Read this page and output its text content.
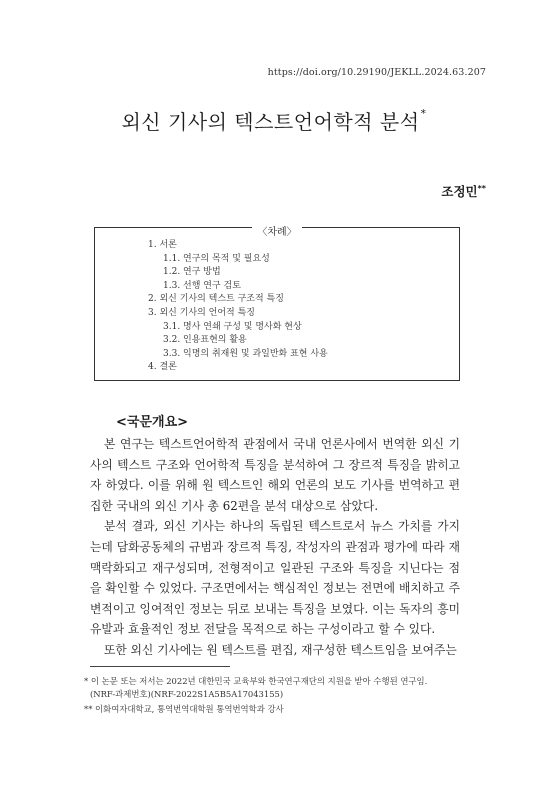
https://doi.org/10.29190/JEKLL.2024.63.207
외신 기사의 텍스트언어학적 분석*
조정민**
〈차례〉
1. 서론
1.1. 연구의 목적 및 필요성
1.2. 연구 방법
1.3. 선행 연구 검토
2. 외신 기사의 텍스트 구조적 특징
3. 외신 기사의 언어적 특징
3.1. 명사 연쇄 구성 및 명사화 현상
3.2. 인용표현의 활용
3.3. 익명의 취재원 및 과일반화 표현 사용
4. 결론
<국문개요>

본 연구는 텍스트언어학적 관점에서 국내 언론사에서 번역한 외신 기사의 텍스트 구조와 언어학적 특징을 분석하여 그 장르적 특징을 밝히고자 하였다. 이를 위해 원 텍스트인 해외 언론의 보도 기사를 번역하고 편집한 국내의 외신 기사 총 62편을 분석 대상으로 삼았다.

분석 결과, 외신 기사는 하나의 독립된 텍스트로서 뉴스 가치를 가지는데 담화공동체의 규범과 장르적 특징, 작성자의 관점과 평가에 따라 재맥락화되고 재구성되며, 전형적이고 일관된 구조와 특징을 지닌다는 점을 확인할 수 있었다. 구조면에서는 핵심적인 정보는 전면에 배치하고 주변적이고 잉여적인 정보는 뒤로 보내는 특징을 보였다. 이는 독자의 흥미 유발과 효율적인 정보 전달을 목적으로 하는 구성이라고 할 수 있다.

또한 외신 기사에는 원 텍스트를 편집, 재구성한 텍스트임을 보여주는

* 이 논문 또는 저서는 2022년 대한민국 교육부와 한국연구재단의 지원을 받아 수행된 연구임.
(NRF-과제번호)(NRF-2022S1A5B5A17043155)
** 이화여자대학교, 통역번역대학원 통역번역학과 강사
